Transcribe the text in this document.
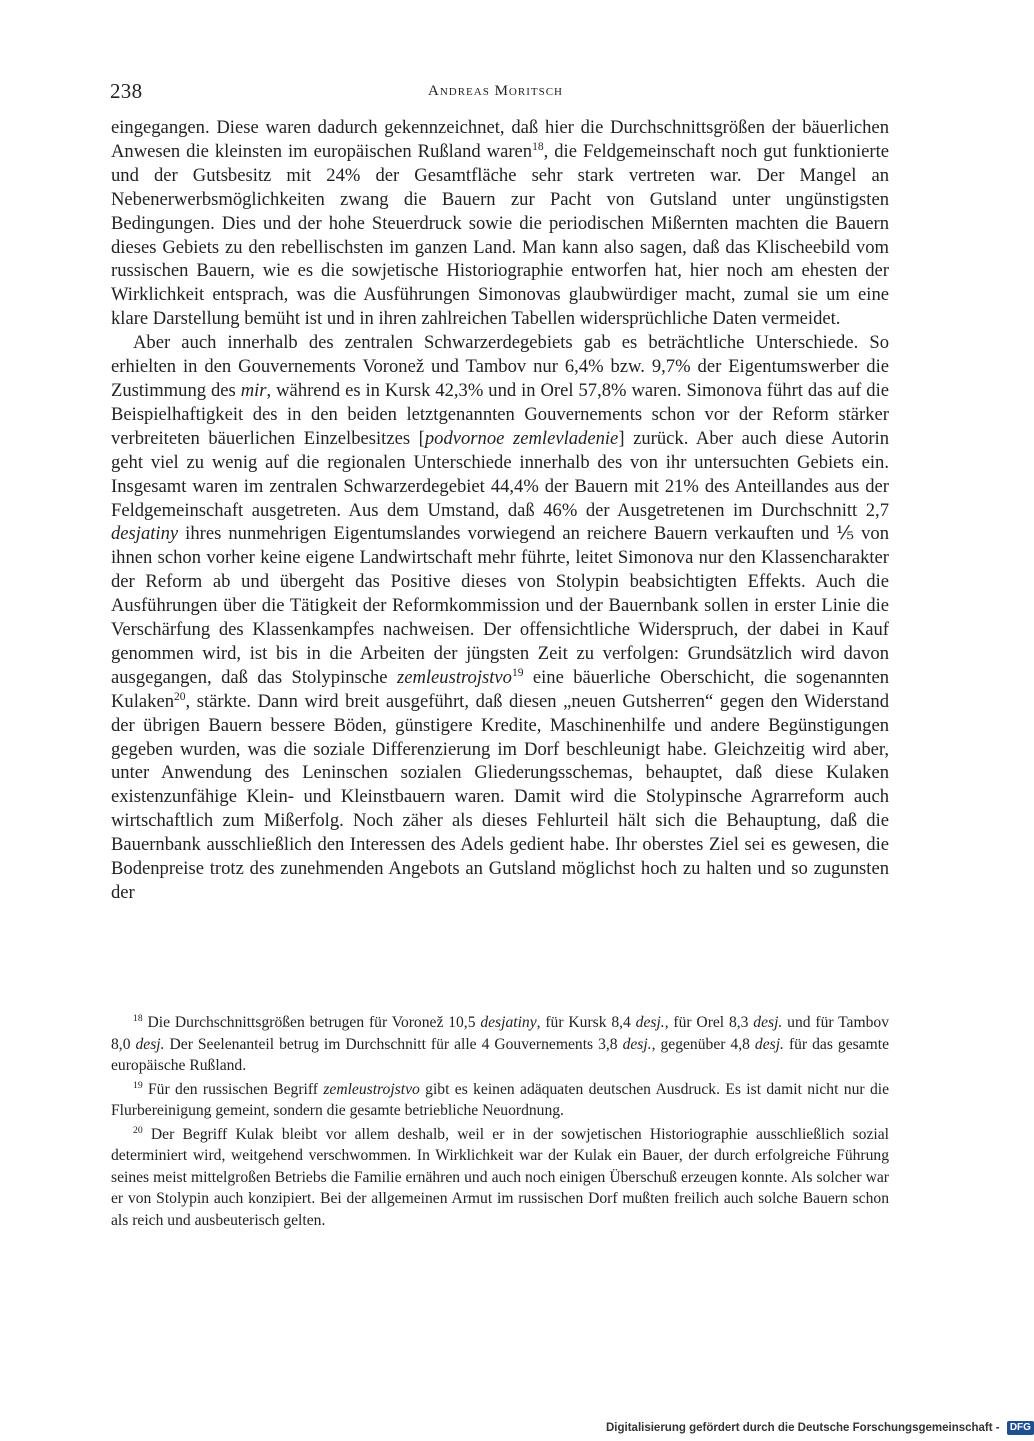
238	Andreas Moritsch

eingegangen. Diese waren dadurch gekennzeichnet, daß hier die Durchschnittsgrößen der bäuerlichen Anwesen die kleinsten im europäischen Rußland waren$^{18}$, die Feldgemeinschaft noch gut funktionierte und der Gutsbesitz mit 24% der Gesamtfläche sehr stark vertreten war. Der Mangel an Nebenerwerbsmöglichkeiten zwang die Bauern zur Pacht von Gutsland unter ungünstigsten Bedingungen. Dies und der hohe Steuerdruck sowie die periodischen Mißernten machten die Bauern dieses Gebiets zu den rebellischsten im ganzen Land. Man kann also sagen, daß das Klischeebild vom russischen Bauern, wie es die sowjetische Historiographie entworfen hat, hier noch am ehesten der Wirklichkeit entsprach, was die Ausführungen Simonovas glaubwürdiger macht, zumal sie um eine klare Darstellung bemüht ist und in ihren zahlreichen Tabellen widersprüchliche Daten vermeidet.

Aber auch innerhalb des zentralen Schwarzerdegebiets gab es beträchtliche Unterschiede. So erhielten in den Gouvernements Voronež und Tambov nur 6,4% bzw. 9,7% der Eigentumswerber die Zustimmung des mir, während es in Kursk 42,3% und in Orel 57,8% waren. Simonova führt das auf die Beispielhaftigkeit des in den beiden letztgenannten Gouvernements schon vor der Reform stärker verbreiteten bäuerlichen Einzelbesitzes [podvornoe zemlevladenie] zurück. Aber auch diese Autorin geht viel zu wenig auf die regionalen Unterschiede innerhalb des von ihr untersuchten Gebiets ein. Insgesamt waren im zentralen Schwarzerdegebiet 44,4% der Bauern mit 21% des Anteillandes aus der Feldgemeinschaft ausgetreten. Aus dem Umstand, daß 46% der Ausgetretenen im Durchschnitt 2,7 desjatiny ihres nunmehrigen Eigentumslandes vorwiegend an reichere Bauern verkauften und ⅕ von ihnen schon vorher keine eigene Landwirtschaft mehr führte, leitet Simonova nur den Klassencharakter der Reform ab und übergeht das Positive dieses von Stolypin beabsichtigten Effekts. Auch die Ausführungen über die Tätigkeit der Reformkommission und der Bauernbank sollen in erster Linie die Verschärfung des Klassenkampfes nachweisen. Der offensichtliche Widerspruch, der dabei in Kauf genommen wird, ist bis in die Arbeiten der jüngsten Zeit zu verfolgen: Grundsätzlich wird davon ausgegangen, daß das Stolypinsche zemleustrojstvo$^{19}$ eine bäuerliche Oberschicht, die sogenannten Kulaken$^{20}$, stärkte. Dann wird breit ausgeführt, daß diesen „neuen Gutsherren“ gegen den Widerstand der übrigen Bauern bessere Böden, günstigere Kredite, Maschinenhilfe und andere Begünstigungen gegeben wurden, was die soziale Differenzierung im Dorf beschleunigt habe. Gleichzeitig wird aber, unter Anwendung des Leninschen sozialen Gliederungsschemas, behauptet, daß diese Kulaken existenzunfähige Klein- und Kleinstbauern waren. Damit wird die Stolypinsche Agrarreform auch wirtschaftlich zum Mißerfolg. Noch zäher als dieses Fehlurteil hält sich die Behauptung, daß die Bauernbank ausschließlich den Interessen des Adels gedient habe. Ihr oberstes Ziel sei es gewesen, die Bodenpreise trotz des zunehmenden Angebots an Gutsland möglichst hoch zu halten und so zugunsten der

$^{18}$ Die Durchschnittsgrößen betrugen für Voronež 10,5 desjatiny, für Kursk 8,4 desj., für Orel 8,3 desj. und für Tambov 8,0 desj. Der Seelenanteil betrug im Durchschnitt für alle 4 Gouvernements 3,8 desj., gegenüber 4,8 desj. für das gesamte europäische Rußland.

$^{19}$ Für den russischen Begriff zemleustrojstvo gibt es keinen adäquaten deutschen Ausdruck. Es ist damit nicht nur die Flurbereinigung gemeint, sondern die gesamte betriebliche Neuordnung.

$^{20}$ Der Begriff Kulak bleibt vor allem deshalb, weil er in der sowjetischen Historiographie ausschließlich sozial determiniert wird, weitgehend verschwommen. In Wirklichkeit war der Kulak ein Bauer, der durch erfolgreiche Führung seines meist mittelgroßen Betriebs die Familie ernähren und auch noch einigen Überschuß erzeugen konnte. Als solcher war er von Stolypin auch konzipiert. Bei der allgemeinen Armut im russischen Dorf mußten freilich auch solche Bauern schon als reich und ausbeuterisch gelten.

Digitalisierung gefördert durch die Deutsche Forschungsgemeinschaft - DFG
